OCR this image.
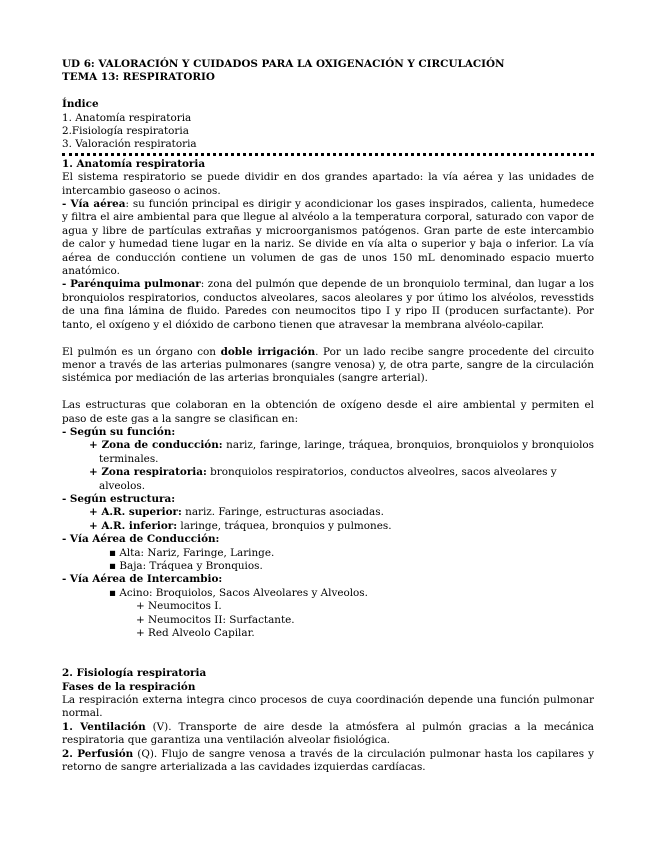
UD 6: VALORACIÓN Y CUIDADOS PARA LA OXIGENACIÓN Y CIRCULACIÓN

TEMA 13: RESPIRATORIO

Índice

1. Anatomía respiratoria

2.Fisiología respiratoria

3. Valoración respiratoria

1. Anatomía respiratoria

El sistema respiratorio se puede dividir en dos grandes apartado: la vía aérea y las unidades de intercambio gaseoso o acinos.

- Vía aérea: su función principal es dirigir y acondicionar los gases inspirados, calienta, humedece y filtra el aire ambiental para que llegue al alvéolo a la temperatura corporal, saturado con vapor de agua y libre de partículas extrañas y microorganismos patógenos. Gran parte de este intercambio de calor y humedad tiene lugar en la nariz. Se divide en vía alta o superior y baja o inferior. La vía aérea de conducción contiene un volumen de gas de unos 150 mL denominado espacio muerto anatómico.

- Parénquima pulmonar: zona del pulmón que depende de un bronquiolo terminal, dan lugar a los bronquiolos respiratorios, conductos alveolares, sacos aleolares y por útimo los alvéolos, revesstids de una fina lámina de fluido. Paredes con neumocitos tipo I y ripo II (producen surfactante). Por tanto, el oxígeno y el dióxido de carbono tienen que atravesar la membrana alvéolo-capilar.

El pulmón es un órgano con doble irrigación. Por un lado recibe sangre procedente del circuito menor a través de las arterias pulmonares (sangre venosa) y, de otra parte, sangre de la circulación sistémica por mediación de las arterias bronquiales (sangre arterial).

Las estructuras que colaboran en la obtención de oxígeno desde el aire ambiental y permiten el paso de este gas a la sangre se clasifican en:

- Según su función:

+ Zona de conducción: nariz, faringe, laringe, tráquea, bronquios, bronquiolos y bronquiolos terminales.

+ Zona respiratoria: bronquiolos respiratorios, conductos alveolres, sacos alveolares y alveolos.

- Según estructura:

+ A.R. superior: nariz. Faringe, estructuras asociadas.

+ A.R. inferior: laringe, tráquea, bronquios y pulmones.

- Vía Aérea de Conducción:

▪ Alta: Nariz, Faringe, Laringe.

▪ Baja: Tráquea y Bronquios.

- Vía Aérea de Intercambio:

▪ Acino: Broquiolos, Sacos Alveolares y Alveolos.

+ Neumocitos I.

+ Neumocitos II: Surfactante.

+ Red Alveolo Capilar.

2. Fisiología respiratoria

Fases de la respiración

La respiración externa integra cinco procesos de cuya coordinación depende una función pulmonar normal.

1. Ventilación (V). Transporte de aire desde la atmósfera al pulmón gracias a la mecánica respiratoria que garantiza una ventilación alveolar fisiológica.

2. Perfusión (Q). Flujo de sangre venosa a través de la circulación pulmonar hasta los capilares y retorno de sangre arterializada a las cavidades izquierdas cardíacas.
